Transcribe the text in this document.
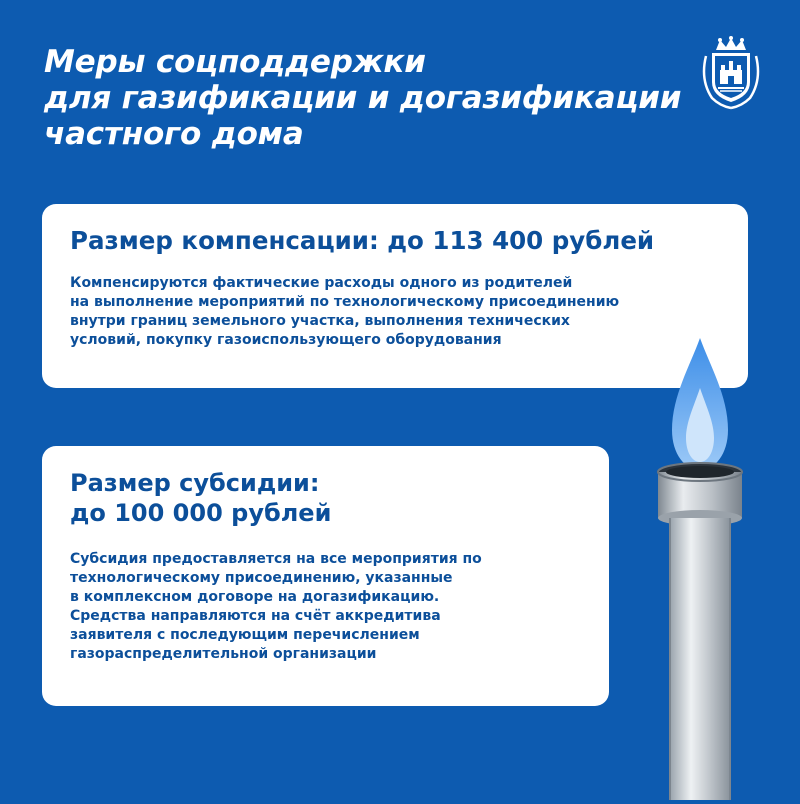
Меры соцподдержки
для газификации и догазификации
частного дома
Размер компенсации: до 113 400 рублей

Компенсируются фактические расходы одного из родителей
на выполнение мероприятий по технологическому присоединению
внутри границ земельного участка, выполнения технических
условий, покупку газоиспользующего оборудования

Размер субсидии:
до 100 000 рублей

Субсидия предоставляется на все мероприятия по
технологическому присоединению, указанные
в комплексном договоре на догазификацию.
Средства направляются на счёт аккредитива
заявителя с последующим перечислением
газораспределительной организации
